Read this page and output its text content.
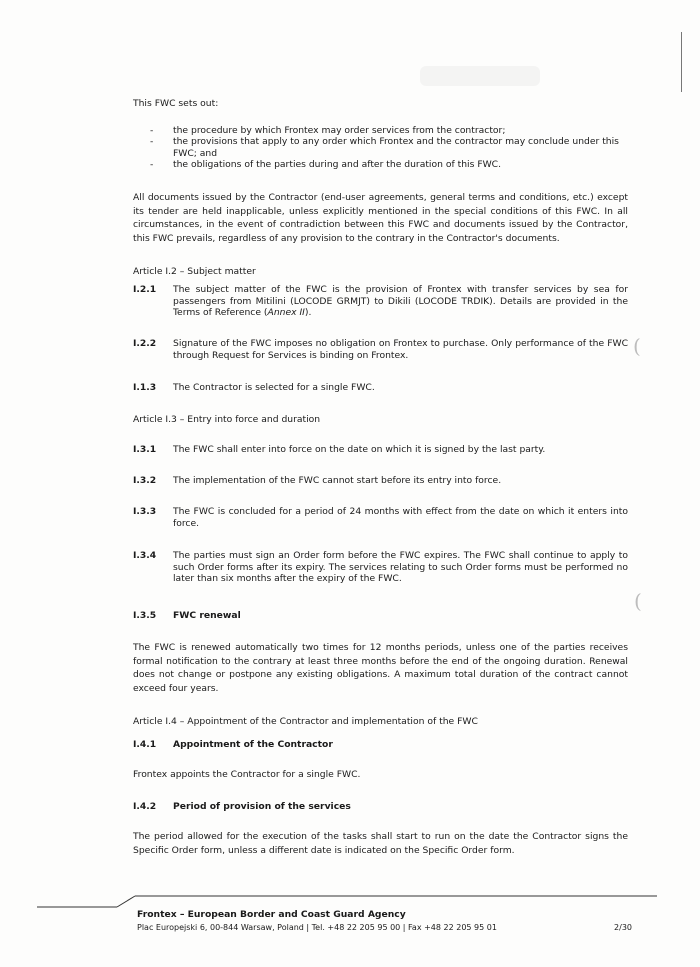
This FWC sets out:

- the procedure by which Frontex may order services from the contractor;
- the provisions that apply to any order which Frontex and the contractor may conclude under this FWC; and
- the obligations of the parties during and after the duration of this FWC.

All documents issued by the Contractor (end-user agreements, general terms and conditions, etc.) except its tender are held inapplicable, unless explicitly mentioned in the special conditions of this FWC. In all circumstances, in the event of contradiction between this FWC and documents issued by the Contractor, this FWC prevails, regardless of any provision to the contrary in the Contractor's documents.

Article I.2 – Subject matter

I.2.1	The subject matter of the FWC is the provision of Frontex with transfer services by sea for passengers from Mitilini (LOCODE GRMJT) to Dikili (LOCODE TRDIK). Details are provided in the Terms of Reference (Annex II).
I.2.2	Signature of the FWC imposes no obligation on Frontex to purchase. Only performance of the FWC through Request for Services is binding on Frontex.
I.1.3	The Contractor is selected for a single FWC.

Article I.3 – Entry into force and duration

I.3.1	The FWC shall enter into force on the date on which it is signed by the last party.
I.3.2	The implementation of the FWC cannot start before its entry into force.
I.3.3	The FWC is concluded for a period of 24 months with effect from the date on which it enters into force.
I.3.4	The parties must sign an Order form before the FWC expires. The FWC shall continue to apply to such Order forms after its expiry. The services relating to such Order forms must be performed no later than six months after the expiry of the FWC.
I.3.5	FWC renewal

The FWC is renewed automatically two times for 12 months periods, unless one of the parties receives formal notification to the contrary at least three months before the end of the ongoing duration. Renewal does not change or postpone any existing obligations. A maximum total duration of the contract cannot exceed four years.

Article I.4 – Appointment of the Contractor and implementation of the FWC

I.4.1	Appointment of the Contractor

Frontex appoints the Contractor for a single FWC.

I.4.2	Period of provision of the services

The period allowed for the execution of the tasks shall start to run on the date the Contractor signs the Specific Order form, unless a different date is indicated on the Specific Order form.

(
(

Frontex – European Border and Coast Guard Agency

Plac Europejski 6, 00-844 Warsaw, Poland | Tel. +48 22 205 95 00 | Fax +48 22 205 95 01	2/30
